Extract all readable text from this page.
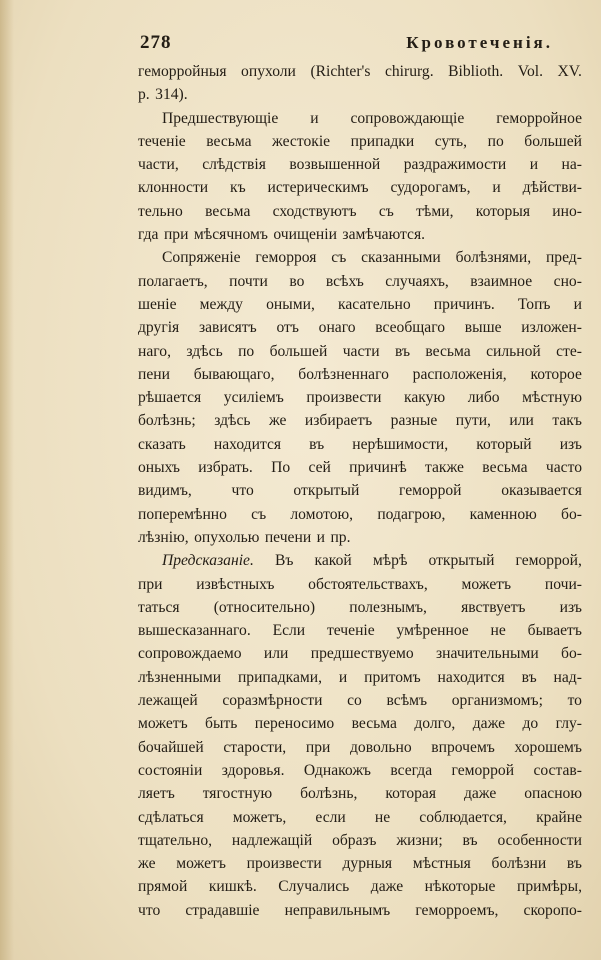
278	Кровотеченія.
геморройныя опухоли (Richter's chirurg. Biblioth. Vol. XV.
p. 314).
Предшествующіе и сопровождающіе геморройное
теченіе весьма жестокіе припадки суть, по большей
части, слѣдствія возвышенной раздражимости и на-
клонности къ истерическимъ судорогамъ, и дѣйстви-
тельно весьма сходствуютъ съ тѣми, которыя ино-
гда при мѣсячномъ очищеніи замѣчаются.
Сопряженіе геморроя съ сказанными болѣзнями, пред-
полагаетъ, почти во всѣхъ случаяхъ, взаимное сно-
шеніе между оными, касательно причинъ. Топъ и
другія зависятъ отъ онаго всеобщаго выше изложен-
наго, здѣсь по большей части въ весьма сильной сте-
пени бывающаго, болѣзненнаго расположенія, которое
рѣшается усиліемъ произвести какую либо мѣстную
болѣзнь; здѣсь же избираетъ разные пути, или такъ
сказать находится въ нерѣшимости, который изъ
оныхъ избрать. По сей причинѣ также весьма часто
видимъ,	что	открытый	геморрой	оказывается
поперемѣнно съ ломотою, подагрою, каменною бо-
лѣзнію, опухолью печени и пр.
Предсказаніе. Въ какой мѣрѣ открытый геморрой,
при извѣстныхъ обстоятельствахъ, можетъ почи-
таться (относительно) полезнымъ, явствуетъ изъ
вышесказаннаго. Если теченіе умѣренное не бываетъ
сопровождаемо или предшествуемо значительными бо-
лѣзненными припадками, и притомъ находится въ над-
лежащей соразмѣрности со всѣмъ организмомъ; то
можетъ быть переносимо весьма долго, даже до глу-
бочайшей старости, при довольно впрочемъ хорошемъ
состояніи здоровья. Однакожъ всегда геморрой состав-
ляетъ тягостную болѣзнь, которая даже опасною
сдѣлаться можетъ, если не соблюдается, крайне
тщательно, надлежащій образъ жизни; въ особенности
же можетъ произвести дурныя мѣстныя болѣзни въ
прямой кишкѣ. Случались даже нѣкоторые примѣры,
что страдавшіе неправильнымъ геморроемъ, скоропо-
